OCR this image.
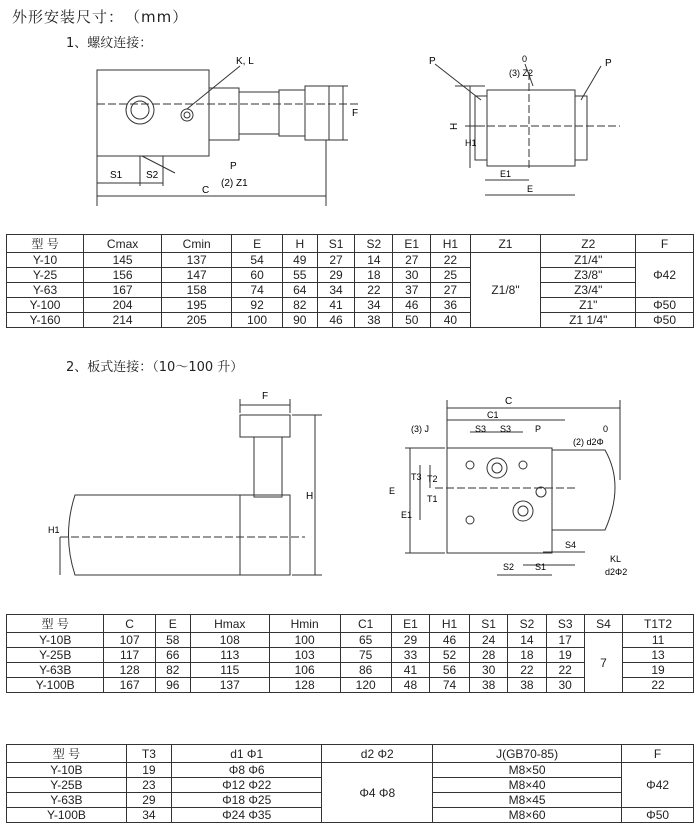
外形安装尺寸：　（mm）
1、螺纹连接：
K, L
P
(2) Z1
S1 S2
C
F
0
(3) Z2
P	P
H
H1
E1
E
型 号	Cmax	Cmin	E	H	S1	S2	E1	H1	Z1	Z2	F
Y-10	145	137	54	49	27	14	27	22	Z1/8"	Z1/4"	Φ42
Y-25	156	147	60	55	29	18	30	25		Z3/8"	
Y-63	167	158	74	64	34	22	37	27		Z3/4"	
Y-100	204	195	92	82	41	34	46	36		Z1"	Φ50
Y-160	214	205	100	90	46	38	50	40		Z1 1/4"	Φ50
2、板式连接：（10～100 升）
F
H
H1
C
C1
(3) J	S3 S3	P	0
(2) d2Φ
T3 T2
T1
E
E1
S4
KL
S2 S1	d2Φ2
型 号	C	E	Hmax	Hmin	C1	E1	H1	S1	S2	S3	S4	T1T2
Y-10B	107	58	108	100	65	29	46	24	14	17	7	11
Y-25B	117	66	113	103	75	33	52	28	18	19		13
Y-63B	128	82	115	106	86	41	56	30	22	22		19
Y-100B	167	96	137	128	120	48	74	38	38	30		22
型 号	T3	d1 Φ1	d2 Φ2	J(GB70-85)	F
Y-10B	19	Φ8 Φ6	Φ4 Φ8	M8×50	Φ42
Y-25B	23	Φ12 Φ22		M8×40	
Y-63B	29	Φ18 Φ25		M8×45	
Y-100B	34	Φ24 Φ35		M8×60	Φ50
